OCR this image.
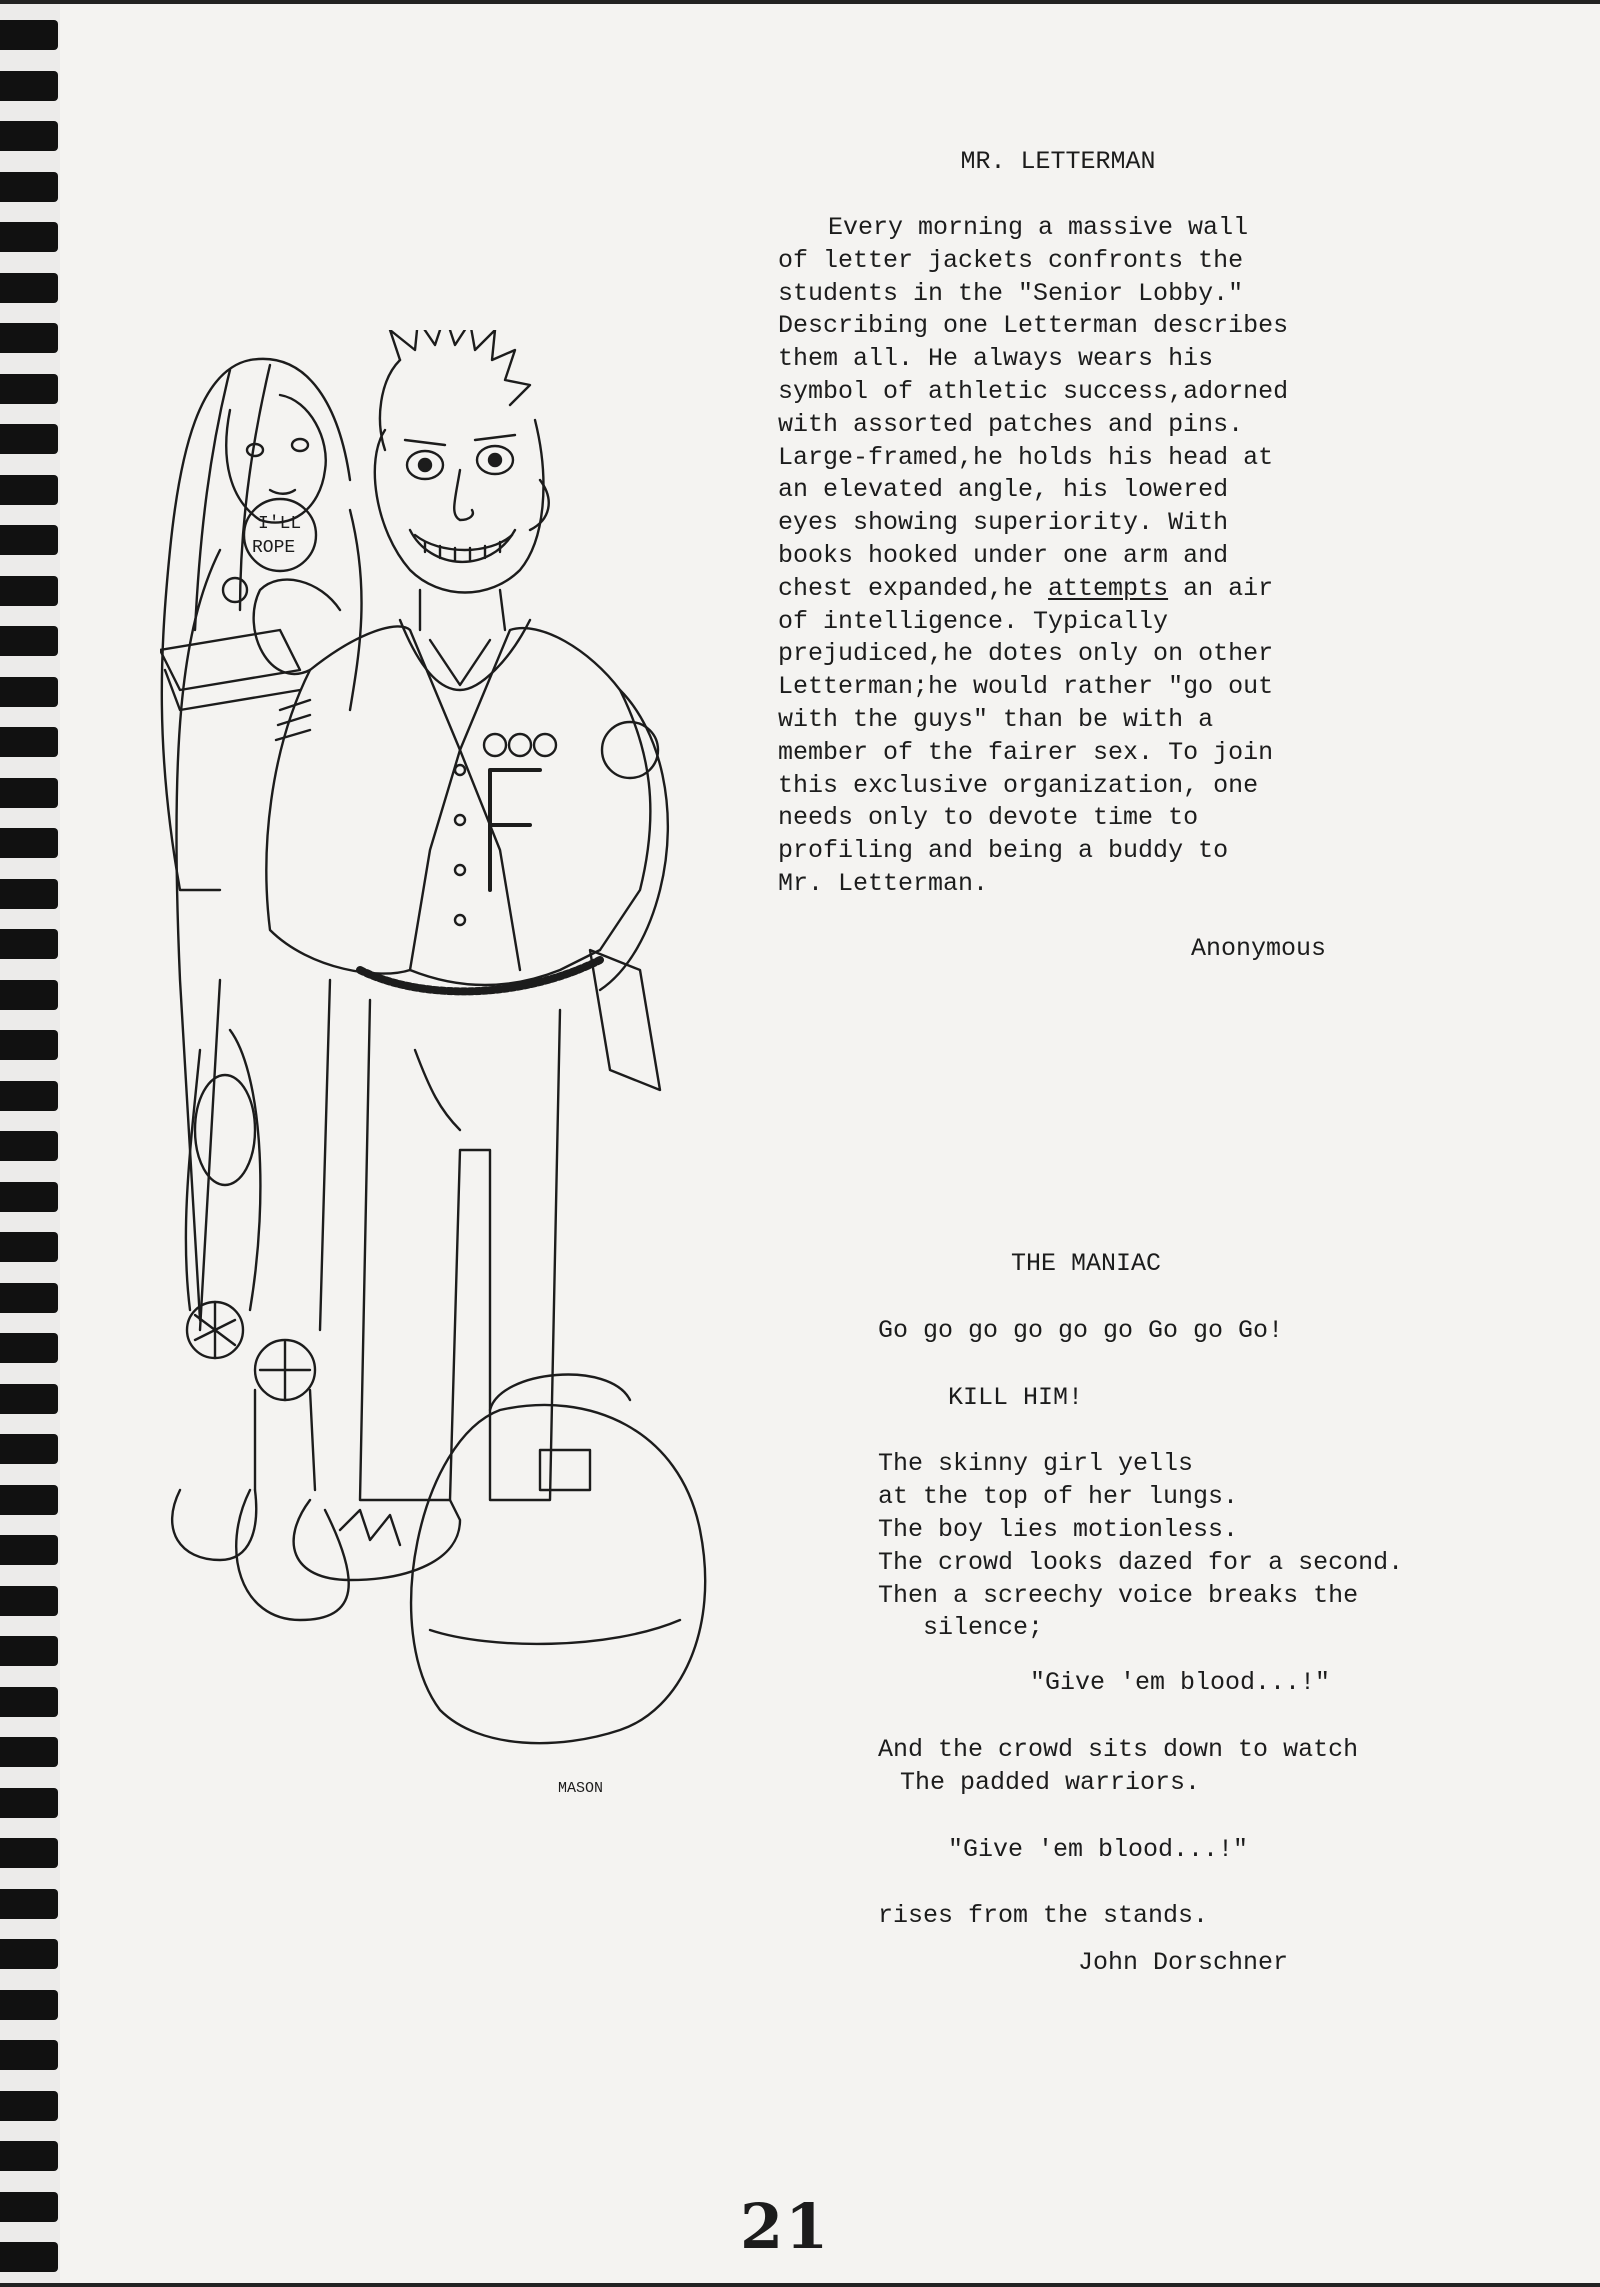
I'LL
ROPE
MASON
MR. LETTERMAN
Every morning a massive wall
of letter jackets confronts the
students in the "Senior Lobby."
Describing one Letterman describes
them all. He always wears his
symbol of athletic success,adorned
with assorted patches and pins.
Large-framed,he holds his head at
an elevated angle, his lowered
eyes showing superiority. With
books hooked under one arm and
chest expanded,he attempts an air
of intelligence. Typically
prejudiced,he dotes only on other
Letterman;he would rather "go out
with the guys" than be with a
member of the fairer sex. To join
this exclusive organization, one
needs only to devote time to
profiling and being a buddy to
Mr. Letterman.
Anonymous
THE MANIAC
Go go go go go go Go go Go!
KILL HIM!
The skinny girl yells
at the top of her lungs.
The boy lies motionless.
The crowd looks dazed for a second.
Then a screechy voice breaks the
silence;
"Give 'em blood...!"
And the crowd sits down to watch
The padded warriors.
"Give 'em blood...!"
rises from the stands.
John Dorschner
21
